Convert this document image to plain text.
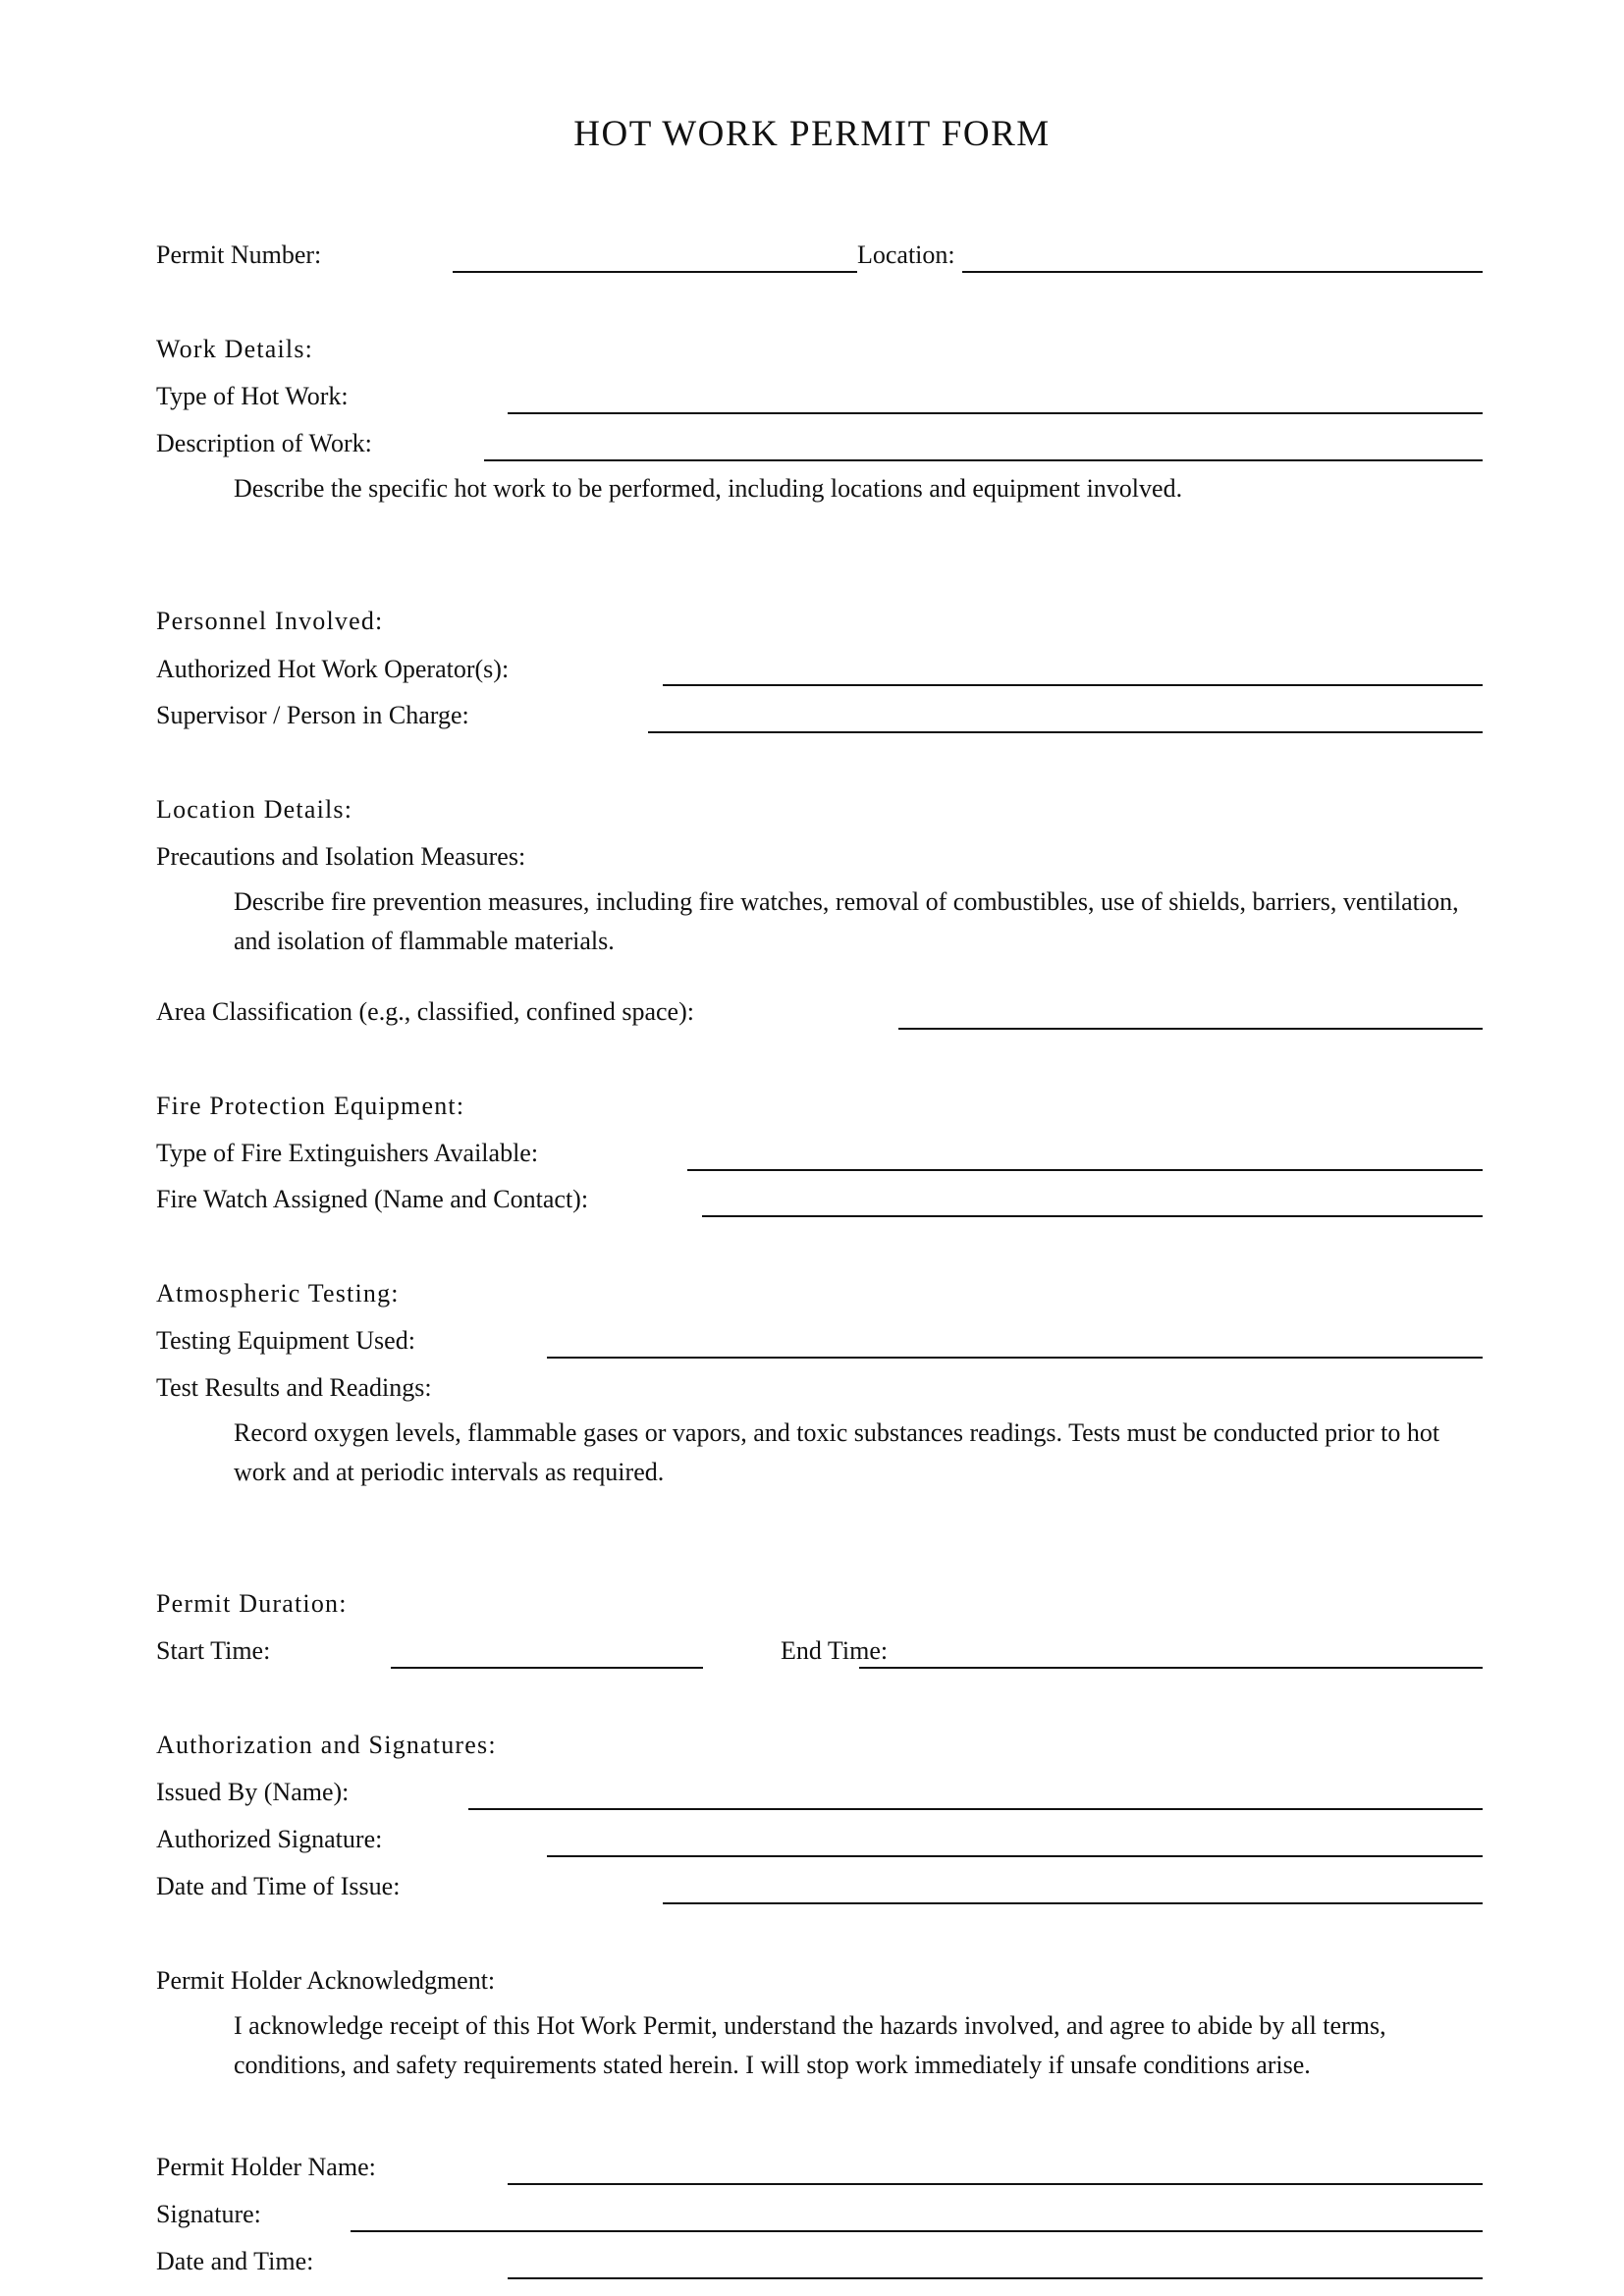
HOT WORK PERMIT FORM
Permit Number:	Location:
Work Details:
Type of Hot Work:
Description of Work:
Describe the specific hot work to be performed, including locations and equipment involved.
Personnel Involved:
Authorized Hot Work Operator(s):
Supervisor / Person in Charge:
Location Details:
Precautions and Isolation Measures:
Describe fire prevention measures, including fire watches, removal of combustibles, use of shields, barriers, ventilation, and isolation of flammable materials.
Area Classification (e.g., classified, confined space):
Fire Protection Equipment:
Type of Fire Extinguishers Available:
Fire Watch Assigned (Name and Contact):
Atmospheric Testing:
Testing Equipment Used:
Test Results and Readings:
Record oxygen levels, flammable gases or vapors, and toxic substances readings. Tests must be conducted prior to hot work and at periodic intervals as required.
Permit Duration:
Start Time:	End Time:
Authorization and Signatures:
Issued By (Name):
Authorized Signature:
Date and Time of Issue:
Permit Holder Acknowledgment:
I acknowledge receipt of this Hot Work Permit, understand the hazards involved, and agree to abide by all terms, conditions, and safety requirements stated herein. I will stop work immediately if unsafe conditions arise.
Permit Holder Name:
Signature:
Date and Time:
